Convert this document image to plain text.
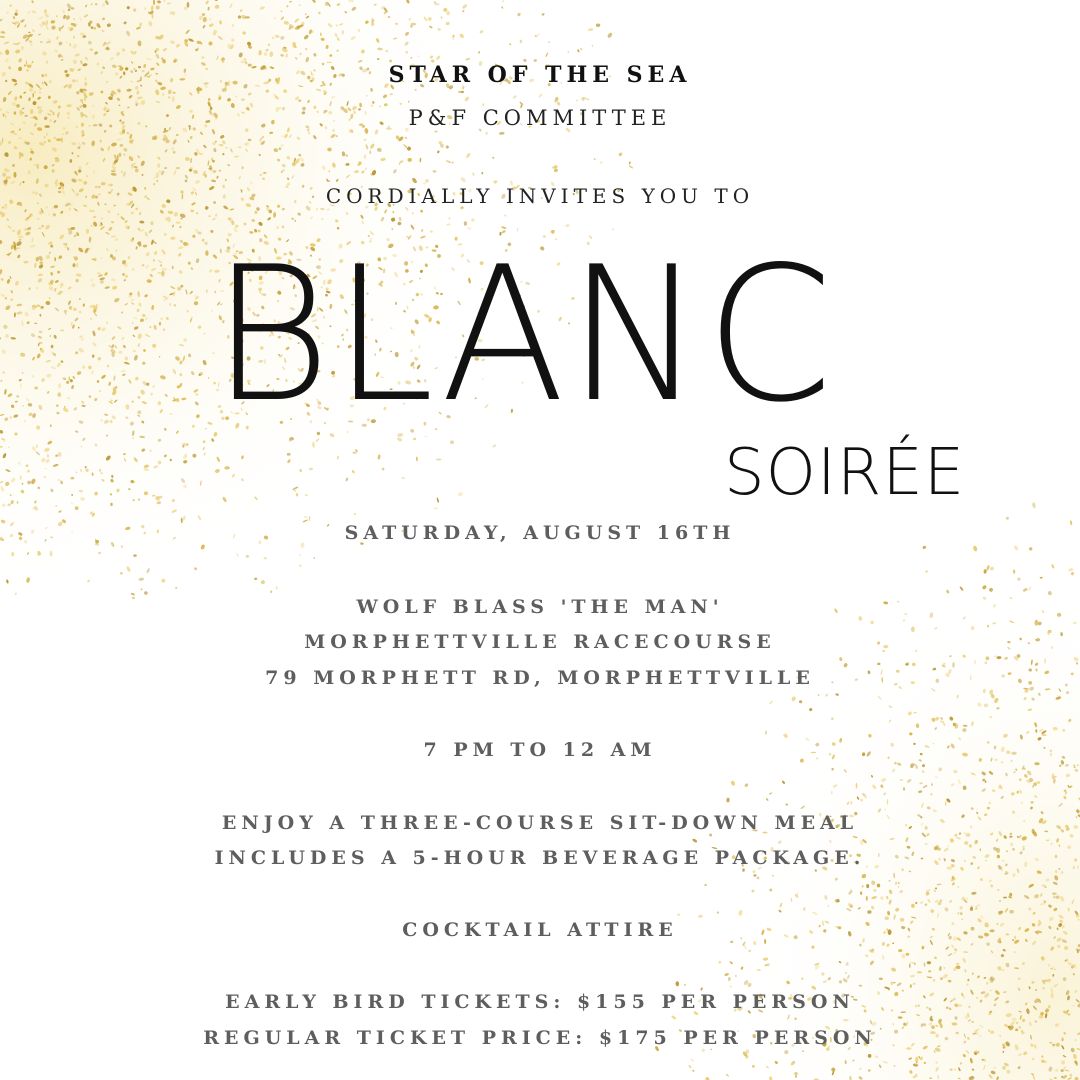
STAR OF THE SEA
P&F COMMITTEE
CORDIALLY INVITES YOU TO
BLANC
SOIRÉE
SATURDAY, AUGUST 16TH
WOLF BLASS 'THE MAN'
MORPHETTVILLE RACECOURSE
79 MORPHETT RD, MORPHETTVILLE
7 PM TO 12 AM
ENJOY A THREE-COURSE SIT-DOWN MEAL
INCLUDES A 5-HOUR BEVERAGE PACKAGE.
COCKTAIL ATTIRE
EARLY BIRD TICKETS: $155 PER PERSON
REGULAR TICKET PRICE: $175 PER PERSON
